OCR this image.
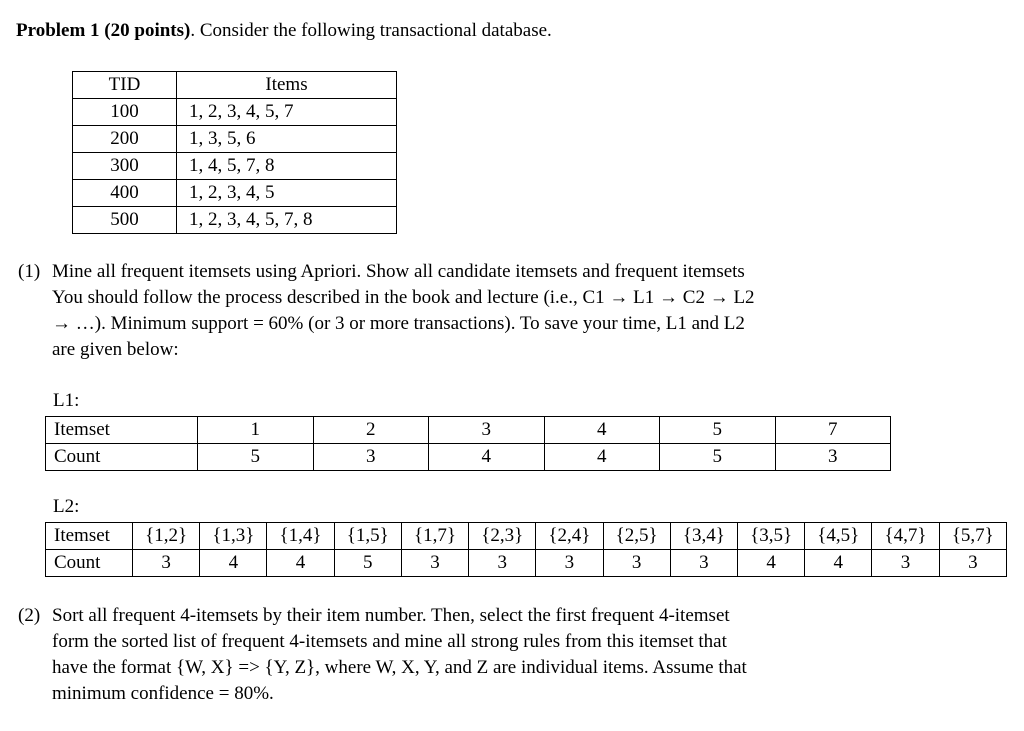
Problem 1 (20 points). Consider the following transactional database.
TID	Items
100	1, 2, 3, 4, 5, 7
200	1, 3, 5, 6
300	1, 4, 5, 7, 8
400	1, 2, 3, 4, 5
500	1, 2, 3, 4, 5, 7, 8
(1) Mine all frequent itemsets using Apriori. Show all candidate itemsets and frequent itemsets
You should follow the process described in the book and lecture (i.e., C1 → L1 → C2 → L2
→ …). Minimum support = 60% (or 3 or more transactions). To save your time, L1 and L2
are given below:
L1:
Itemset	1	2	3	4	5	7
Count	5	3	4	4	5	3
L2:
Itemset	{1,2}	{1,3}	{1,4}	{1,5}	{1,7}	{2,3}	{2,4}	{2,5}	{3,4}	{3,5}	{4,5}	{4,7}	{5,7}
Count	3	4	4	5	3	3	3	3	3	4	4	3	3
(2) Sort all frequent 4-itemsets by their item number. Then, select the first frequent 4-itemset
form the sorted list of frequent 4-itemsets and mine all strong rules from this itemset that
have the format {W, X} => {Y, Z}, where W, X, Y, and Z are individual items. Assume that
minimum confidence = 80%.
